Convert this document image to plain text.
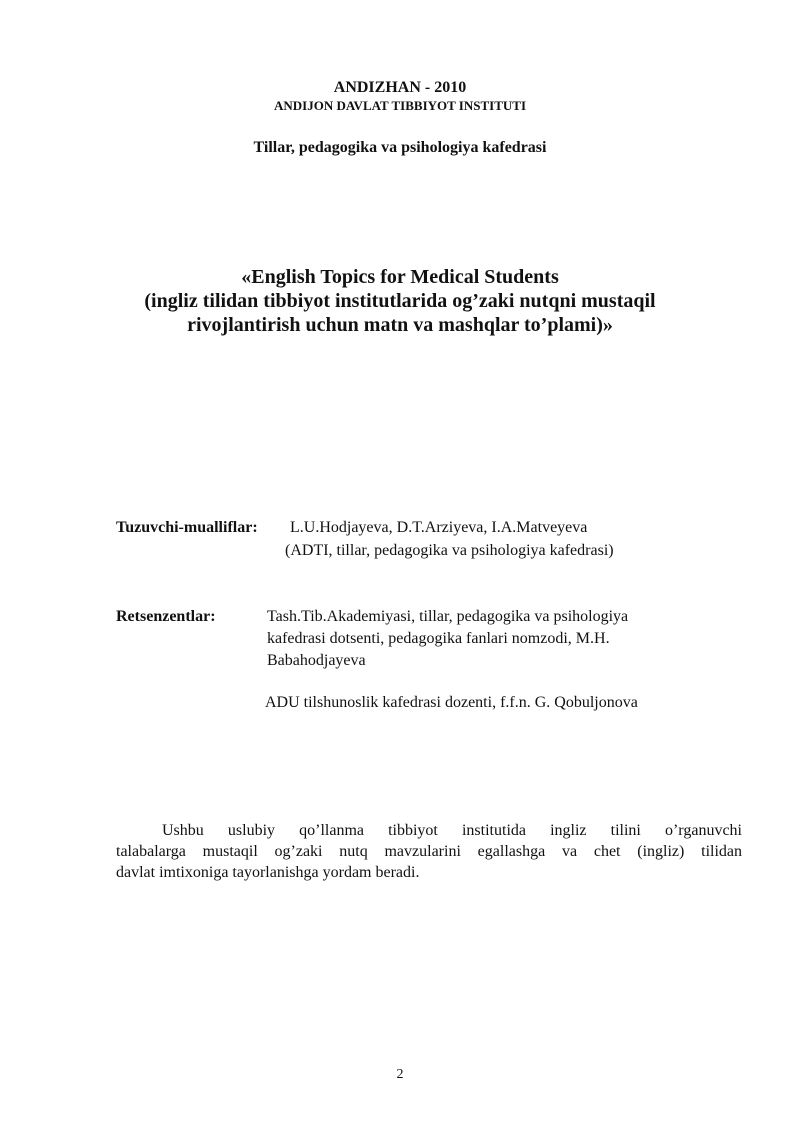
ANDIZHAN - 2010
ANDIJON DAVLAT TIBBIYOT INSTITUTI
Tillar, pedagogika va psihologiya kafedrasi
«English Topics for Medical Students
(ingliz tilidan tibbiyot institutlarida og’zaki nutqni mustaqil
rivojlantirish uchun matn va mashqlar to’plami)»
Tuzuvchi-mualliflar: L.U.Hodjayeva, D.T.Arziyeva, I.A.Matveyeva
(ADTI, tillar, pedagogika va psihologiya kafedrasi)
Retsenzentlar:	Tash.Tib.Akademiyasi, tillar, pedagogika va psihologiya
kafedrasi dotsenti, pedagogika fanlari nomzodi, M.H.
Babahodjayeva
ADU tilshunoslik kafedrasi dozenti, f.f.n. G. Qobuljonova
Ushbu uslubiy qo’llanma tibbiyot institutida ingliz tilini o’rganuvchi
talabalarga mustaqil og’zaki nutq mavzularini egallashga va chet (ingliz) tilidan
davlat imtixoniga tayorlanishga yordam beradi.
2
